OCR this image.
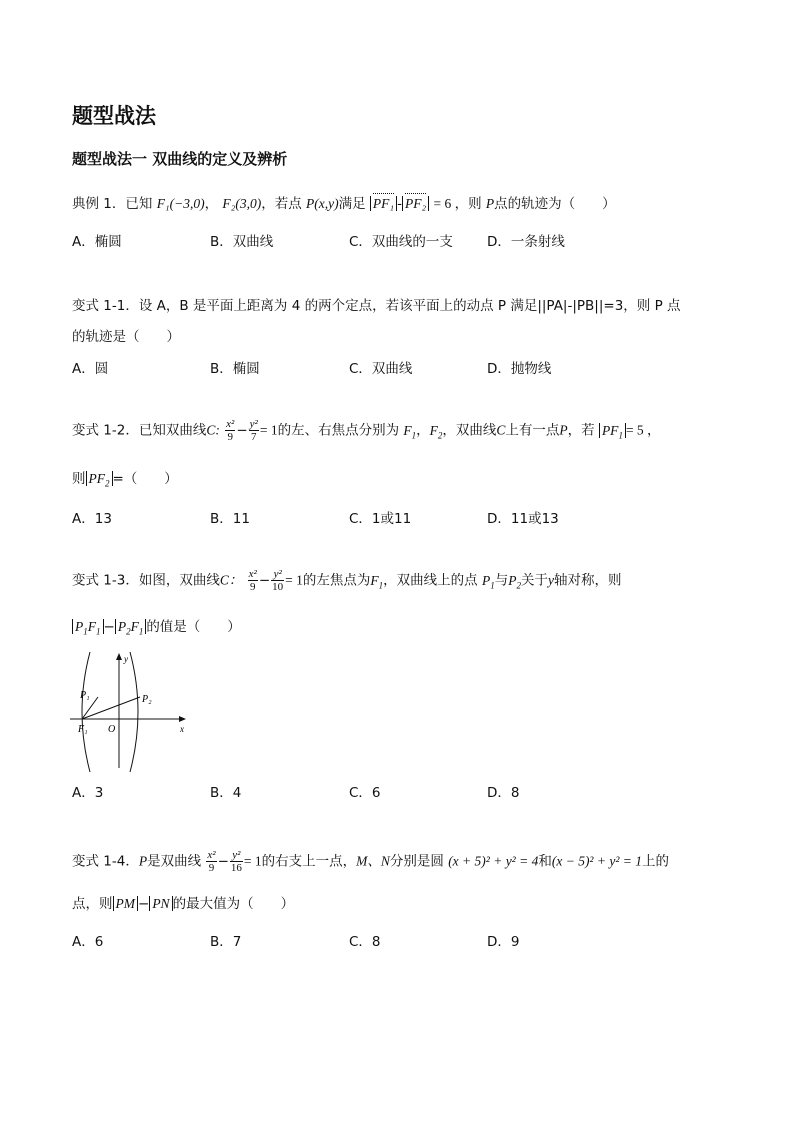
题型战法
题型战法一 双曲线的定义及辨析
典例 1．已知 F₁(−3,0)， F₂(3,0)，若点 P(x,y)满足 PF₁ - PF₂ = 6 ，则 P点的轨迹为（　　）
A．椭圆	B．双曲线	C．双曲线的一支	D．一条射线
变式 1-1．设 A，B 是平面上距离为 4 的两个定点，若该平面上的动点 P 满足||PA|-|PB||=3，则 P 点
的轨迹是（　　）
A．圆	B．椭圆	C．双曲线	D．抛物线
变式 1-2．已知双曲线C: $\frac{\text{x²}}{9} - \frac{\text{y²}}{7} = 1$的左、右焦点分别为 $F_1$，$F_2$，双曲线C上有一点P，若 $PF_1 = 5$ ，
则 $PF_2$ =（　　）
A．13	B．11	C．1或11	D．11或13
变式 1-3．如图，双曲线C： $\frac{\text{x²}}{9} - \frac{\text{y²}}{10} = 1$的左焦点为$F_1$，双曲线上的点 $P_1$与$P_2$关于y轴对称，则
$P_1F_1 - P_2F_1$ 的值是（　　）
P₁	P₂
F₁ O
y
x
A．3	B．4	C．6	D．8
变式 1-4．P是双曲线 $\frac{\text{x²}}{9} - \frac{\text{y²}}{16} = 1$的右支上一点，M、N分别是圆 (x + 5)² + y² = 4和(x − 5)² + y² = 1上的
点，则 PM − PN 的最大值为（　　）
A．6	B．7	C．8	D．9
